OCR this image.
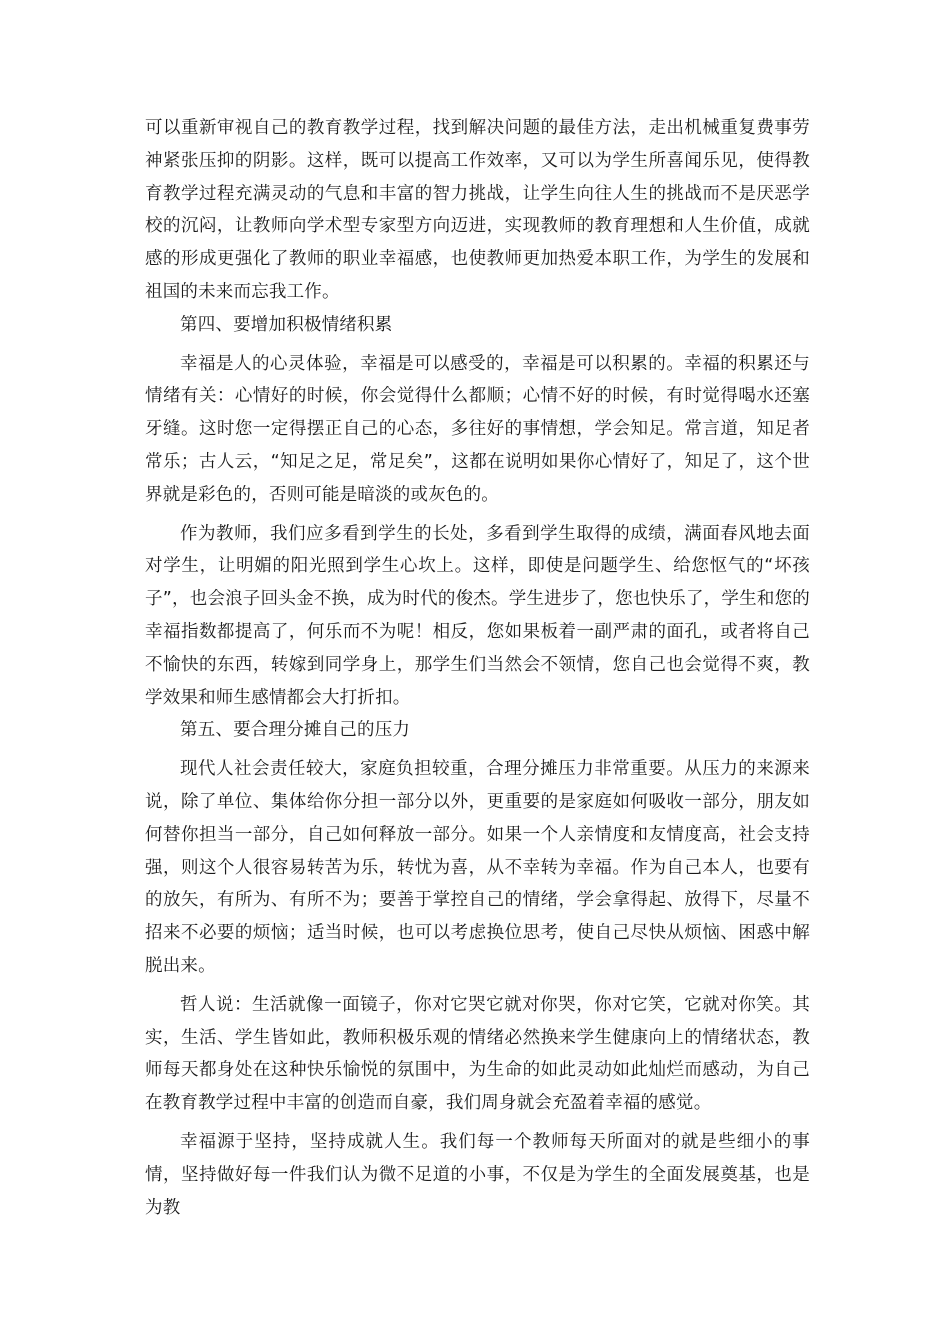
可以重新审视自己的教育教学过程，找到解决问题的最佳方法，走出机械重复费事劳神紧张压抑的阴影。这样，既可以提高工作效率，又可以为学生所喜闻乐见，使得教育教学过程充满灵动的气息和丰富的智力挑战，让学生向往人生的挑战而不是厌恶学校的沉闷，让教师向学术型专家型方向迈进，实现教师的教育理想和人生价值，成就感的形成更强化了教师的职业幸福感，也使教师更加热爱本职工作，为学生的发展和祖国的未来而忘我工作。

第四、要增加积极情绪积累

幸福是人的心灵体验，幸福是可以感受的，幸福是可以积累的。幸福的积累还与情绪有关：心情好的时候，你会觉得什么都顺；心情不好的时候，有时觉得喝水还塞牙缝。这时您一定得摆正自己的心态，多往好的事情想，学会知足。常言道，知足者常乐；古人云，“知足之足，常足矣”，这都在说明如果你心情好了，知足了，这个世界就是彩色的，否则可能是暗淡的或灰色的。

作为教师，我们应多看到学生的长处，多看到学生取得的成绩，满面春风地去面对学生，让明媚的阳光照到学生心坎上。这样，即使是问题学生、给您怄气的“坏孩子”，也会浪子回头金不换，成为时代的俊杰。学生进步了，您也快乐了，学生和您的幸福指数都提高了，何乐而不为呢！相反，您如果板着一副严肃的面孔，或者将自己不愉快的东西，转嫁到同学身上，那学生们当然会不领情，您自己也会觉得不爽，教学效果和师生感情都会大打折扣。

第五、要合理分摊自己的压力

现代人社会责任较大，家庭负担较重，合理分摊压力非常重要。从压力的来源来说，除了单位、集体给你分担一部分以外，更重要的是家庭如何吸收一部分，朋友如何替你担当一部分，自己如何释放一部分。如果一个人亲情度和友情度高，社会支持强，则这个人很容易转苦为乐，转忧为喜，从不幸转为幸福。作为自己本人，也要有的放矢，有所为、有所不为；要善于掌控自己的情绪，学会拿得起、放得下，尽量不招来不必要的烦恼；适当时候，也可以考虑换位思考，使自己尽快从烦恼、困惑中解脱出来。

哲人说：生活就像一面镜子，你对它哭它就对你哭，你对它笑，它就对你笑。其实，生活、学生皆如此，教师积极乐观的情绪必然换来学生健康向上的情绪状态，教师每天都身处在这种快乐愉悦的氛围中，为生命的如此灵动如此灿烂而感动，为自己在教育教学过程中丰富的创造而自豪，我们周身就会充盈着幸福的感觉。

幸福源于坚持，坚持成就人生。我们每一个教师每天所面对的就是些细小的事情，坚持做好每一件我们认为微不足道的小事，不仅是为学生的全面发展奠基，也是为教
